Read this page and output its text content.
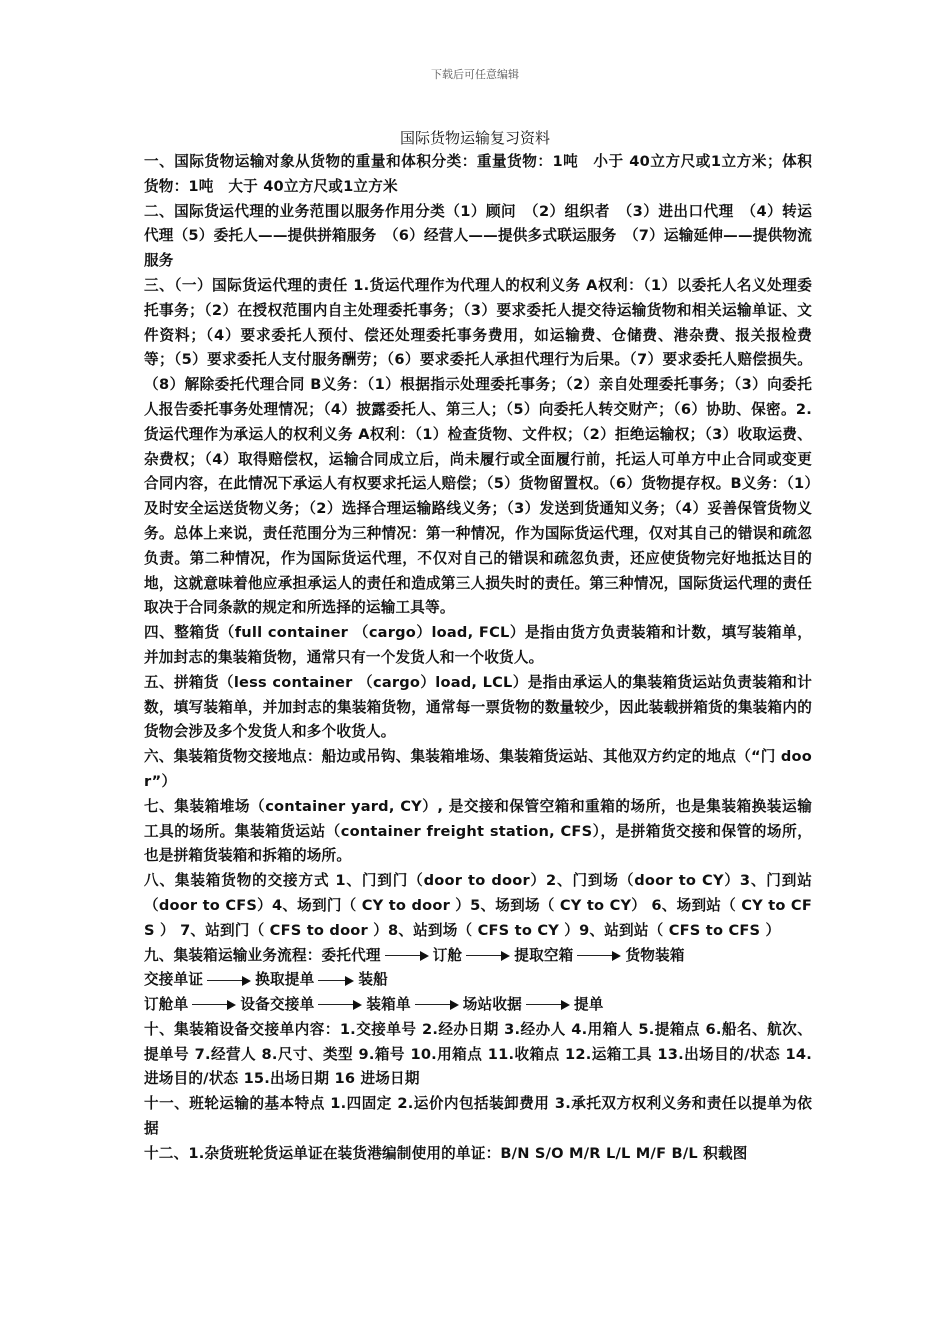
下载后可任意编辑
国际货物运输复习资料

一、国际货物运输对象从货物的重量和体积分类：重量货物：1吨　小于 40立方尺或1立方米；体积货物：1吨　大于 40立方尺或1立方米

二、国际货运代理的业务范围以服务作用分类（1）顾问　（2）组织者　（3）进出口代理　（4）转运代理（5）委托人——提供拼箱服务　（6）经营人——提供多式联运服务　（7）运输延伸——提供物流服务

三、（一）国际货运代理的责任 1.货运代理作为代理人的权利义务 A权利：（1）以委托人名义处理委托事务；（2）在授权范围内自主处理委托事务；（3）要求委托人提交待运输货物和相关运输单证、文件资料；（4）要求委托人预付、偿还处理委托事务费用，如运输费、仓储费、港杂费、报关报检费等；（5）要求委托人支付服务酬劳；（6）要求委托人承担代理行为后果。（7）要求委托人赔偿损失。（8）解除委托代理合同 B义务：（1）根据指示处理委托事务；（2）亲自处理委托事务；（3）向委托人报告委托事务处理情况；（4）披露委托人、第三人；（5）向委托人转交财产；（6）协助、保密。2. 货运代理作为承运人的权利义务 A权利：（1）检查货物、文件权；（2）拒绝运输权；（3）收取运费、杂费权；（4）取得赔偿权，运输合同成立后，尚未履行或全面履行前，托运人可单方中止合同或变更合同内容，在此情况下承运人有权要求托运人赔偿；（5）货物留置权。（6）货物提存权。B义务：（1）及时安全运送货物义务；（2）选择合理运输路线义务；（3）发送到货通知义务；（4）妥善保管货物义务。总体上来说，责任范围分为三种情况：第一种情况，作为国际货运代理，仅对其自己的错误和疏忽负责。第二种情况，作为国际货运代理，不仅对自己的错误和疏忽负责，还应使货物完好地抵达目的地，这就意味着他应承担承运人的责任和造成第三人损失时的责任。第三种情况，国际货运代理的责任取决于合同条款的规定和所选择的运输工具等。

四、整箱货（full container （cargo）load, FCL）是指由货方负责装箱和计数，填写装箱单，并加封志的集装箱货物，通常只有一个发货人和一个收货人。

五、拼箱货（less container （cargo）load, LCL）是指由承运人的集装箱货运站负责装箱和计数，填写装箱单，并加封志的集装箱货物，通常每一票货物的数量较少，因此装载拼箱货的集装箱内的货物会涉及多个发货人和多个收货人。

六、集装箱货物交接地点：船边或吊钩、集装箱堆场、集装箱货运站、其他双方约定的地点（“门 door”）

七、集装箱堆场（container yard, CY）, 是交接和保管空箱和重箱的场所，也是集装箱换装运输工具的场所。集装箱货运站（container freight station, CFS），是拼箱货交接和保管的场所，也是拼箱货装箱和拆箱的场所。

八、集装箱货物的交接方式 1、门到门（door to door）2、门到场（door to CY）3、门到站（door to CFS）4、场到门（ CY to door ）5、场到场（ CY to CY） 6、场到站（ CY to CFS ） 7、站到门（ CFS to door ）8、站到场（ CFS to CY ）9、站到站（ CFS to CFS ）

九、集装箱运输业务流程：委托代理	订舱	提取空箱	货物装箱
交接单证	换取提单	装船
订舱单	设备交接单	装箱单	场站收据	提单

十、集装箱设备交接单内容：1.交接单号 2.经办日期 3.经办人 4.用箱人 5.提箱点 6.船名、航次、提单号 7.经营人 8.尺寸、类型 9.箱号 10.用箱点 11.收箱点 12.运箱工具 13.出场目的/状态 14.进场目的/状态 15.出场日期 16 进场日期

十一、班轮运输的基本特点 1.四固定 2.运价内包括装卸费用 3.承托双方权利义务和责任以提单为依据

十二、1.杂货班轮货运单证在装货港编制使用的单证：B/N S/O M/R L/L M/F B/L 积载图
